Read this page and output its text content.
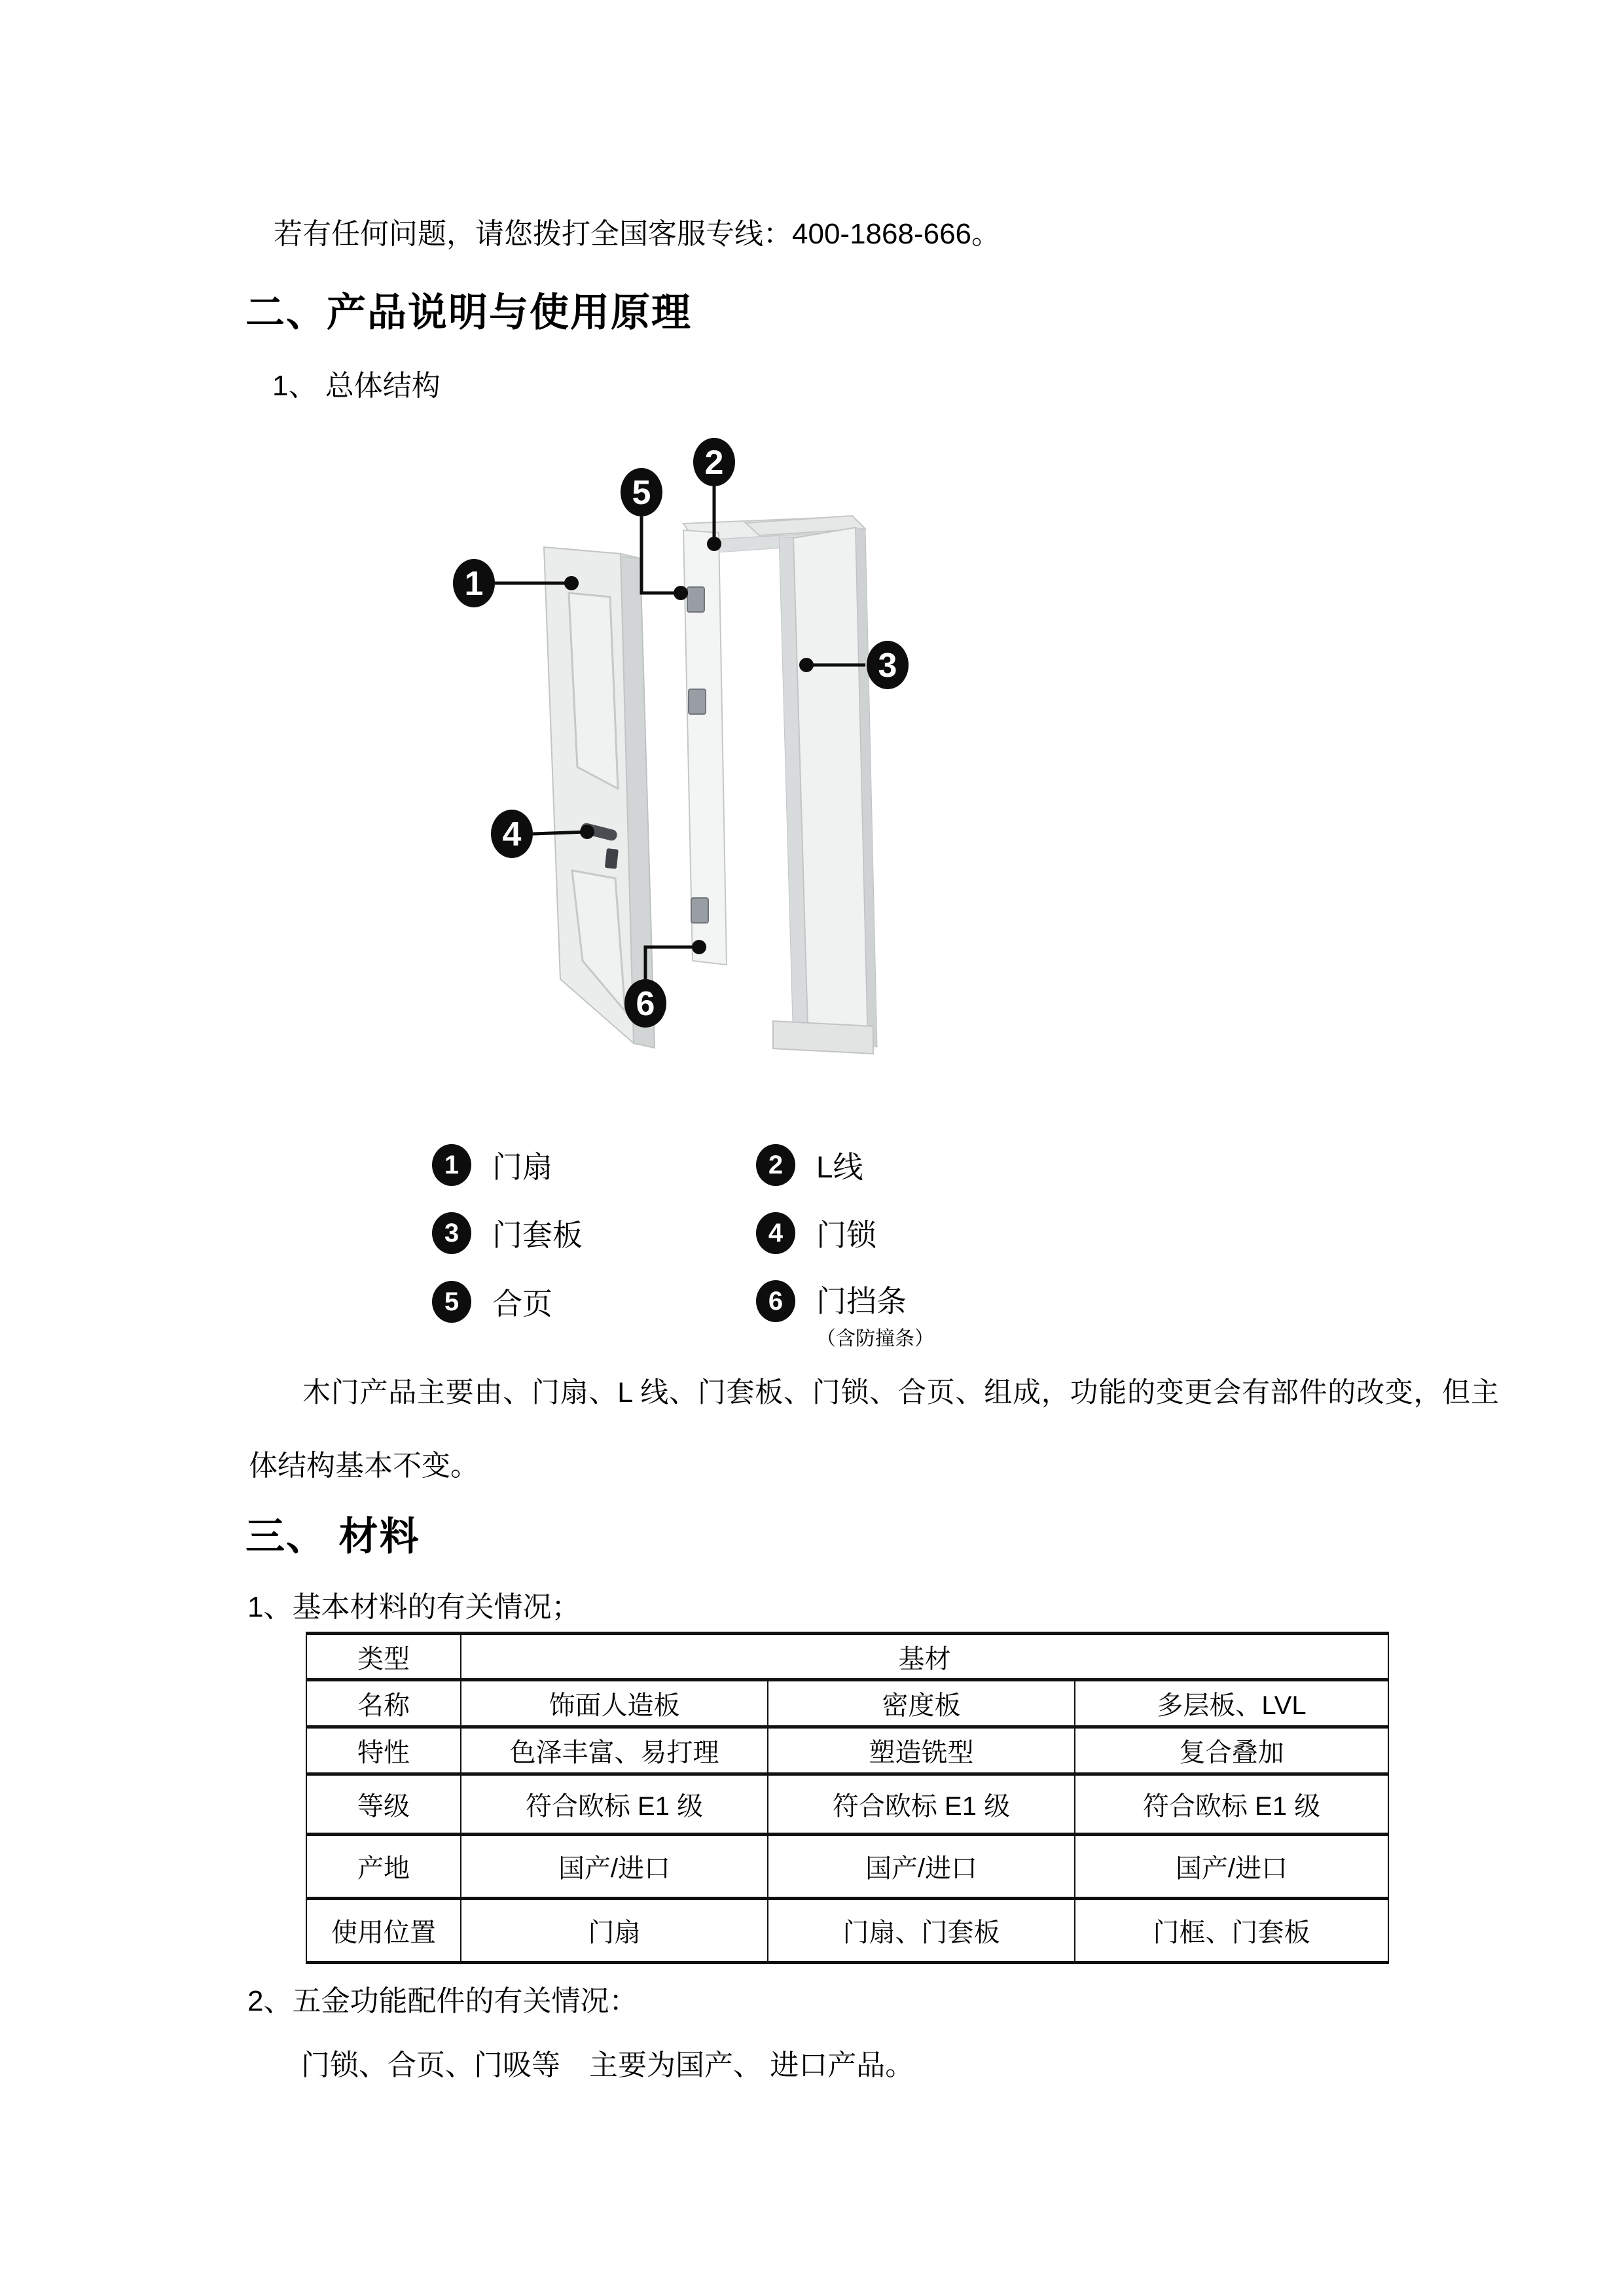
若有任何问题，请您拨打全国客服专线：400-1868-666。
二、产品说明与使用原理
1、 总体结构
1
2
3
4
5
6
1	门扇	2	L线
3	门套板	4	门锁
5	合页	6	门挡条
（含防撞条）
木门产品主要由、门扇、L 线、门套板、门锁、合页、组成，功能的变更会有部件的改变，但主
体结构基本不变。
三、 材料
1、基本材料的有关情况；
类型	基材		
名称	饰面人造板	密度板	多层板、LVL
特性	色泽丰富、易打理	塑造铣型	复合叠加
等级	符合欧标 E1 级	符合欧标 E1 级	符合欧标 E1 级
产地	国产/进口	国产/进口	国产/进口
使用位置	门扇	门扇、门套板	门框、门套板
2、五金功能配件的有关情况：
门锁、合页、门吸等　主要为国产、 进口产品。
